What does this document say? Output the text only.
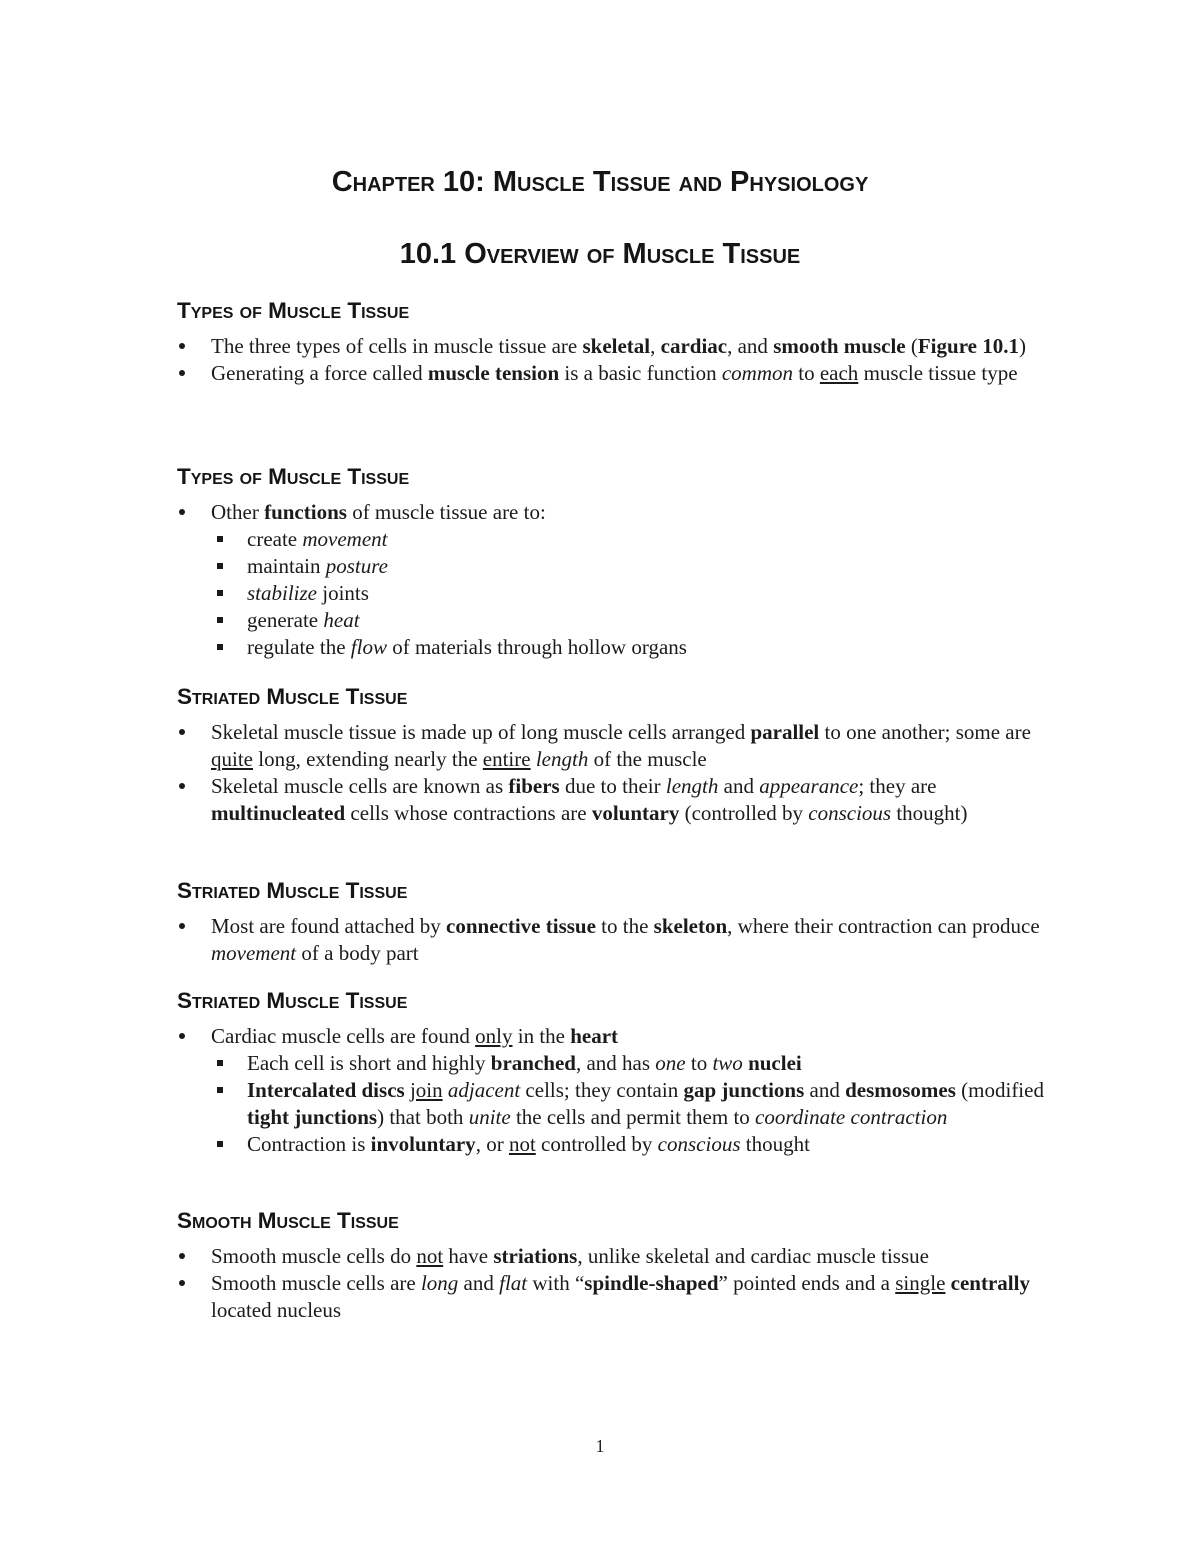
Chapter 10: Muscle Tissue and Physiology
10.1 Overview of Muscle Tissue
Types of Muscle Tissue
The three types of cells in muscle tissue are skeletal, cardiac, and smooth muscle (Figure 10.1)
Generating a force called muscle tension is a basic function common to each muscle tissue type
Types of Muscle Tissue
Other functions of muscle tissue are to:
create movement
maintain posture
stabilize joints
generate heat
regulate the flow of materials through hollow organs
Striated Muscle Tissue
Skeletal muscle tissue is made up of long muscle cells arranged parallel to one another; some are quite long, extending nearly the entire length of the muscle
Skeletal muscle cells are known as fibers due to their length and appearance; they are multinucleated cells whose contractions are voluntary (controlled by conscious thought)
Striated Muscle Tissue
Most are found attached by connective tissue to the skeleton, where their contraction can produce movement of a body part
Striated Muscle Tissue
Cardiac muscle cells are found only in the heart
Each cell is short and highly branched, and has one to two nuclei
Intercalated discs join adjacent cells; they contain gap junctions and desmosomes (modified tight junctions) that both unite the cells and permit them to coordinate contraction
Contraction is involuntary, or not controlled by conscious thought
Smooth Muscle Tissue
Smooth muscle cells do not have striations, unlike skeletal and cardiac muscle tissue
Smooth muscle cells are long and flat with “spindle-shaped” pointed ends and a single centrally located nucleus
1
